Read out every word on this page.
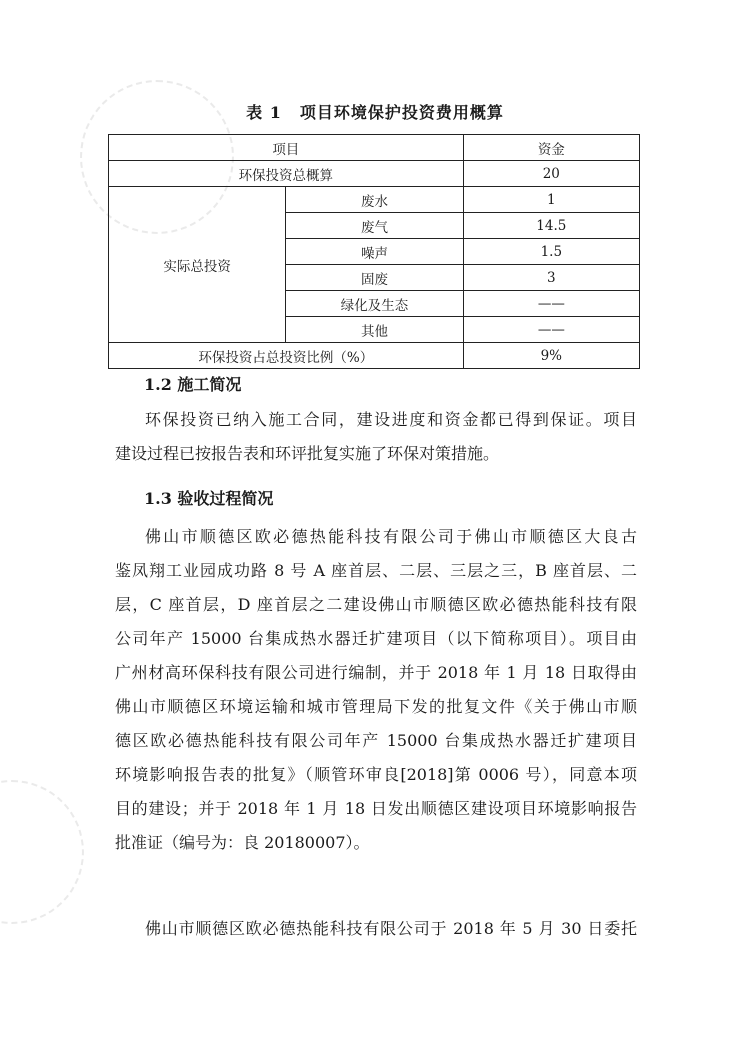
表 1 项目环境保护投资费用概算
项目		资金
环保投资总概算		20
实际总投资	废水	1
	废气	14.5
	噪声	1.5
	固废	3
	绿化及生态	——
	其他	——
环保投资占总投资比例（%）		9%
1.2 施工简况
环保投资已纳入施工合同，建设进度和资金都已得到保证。项目
建设过程已按报告表和环评批复实施了环保对策措施。
1.3 验收过程简况
佛山市顺德区欧必德热能科技有限公司于佛山市顺德区大良古
鉴凤翔工业园成功路 8 号 A 座首层、二层、三层之三，B 座首层、二
层，C 座首层，D 座首层之二建设佛山市顺德区欧必德热能科技有限
公司年产 15000 台集成热水器迁扩建项目（以下简称项目）。项目由
广州材高环保科技有限公司进行编制，并于 2018 年 1 月 18 日取得由
佛山市顺德区环境运输和城市管理局下发的批复文件《关于佛山市顺
德区欧必德热能科技有限公司年产 15000 台集成热水器迁扩建项目
环境影响报告表的批复》（顺管环审良[2018]第 0006 号），同意本项
目的建设；并于 2018 年 1 月 18 日发出顺德区建设项目环境影响报告
批准证（编号为：良 20180007）。
佛山市顺德区欧必德热能科技有限公司于 2018 年 5 月 30 日委托
